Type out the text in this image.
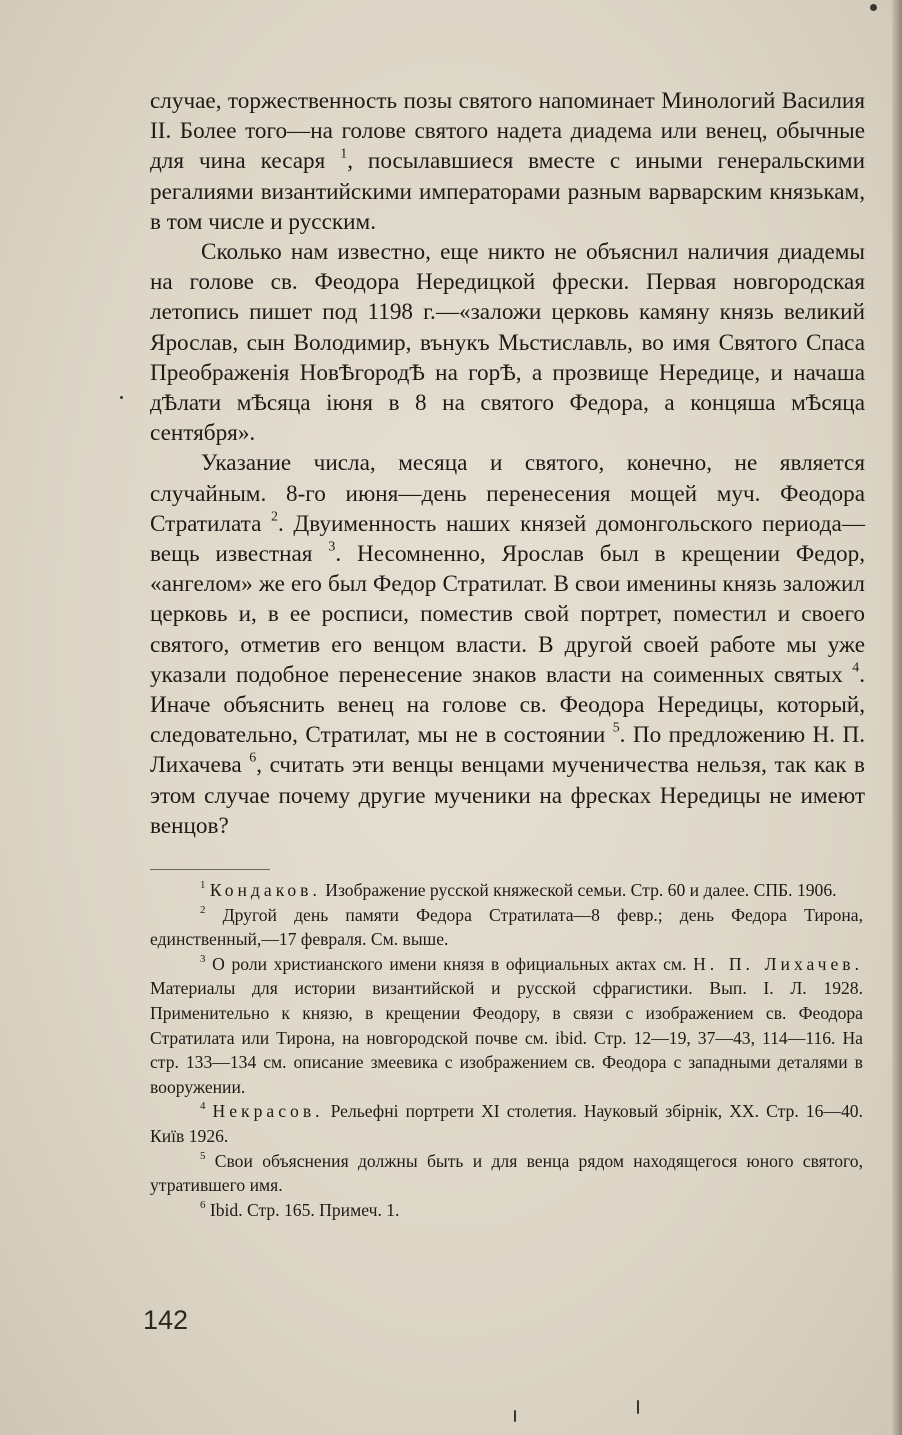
случае, торжественность позы святого напоминает Минологий Василия II. Более того—на голове святого надета диадема или венец, обычные для чина кесаря $^1$, посылавшиеся вместе с иными генеральскими регалиями византийскими императорами разным варварским князькам, в том числе и русским.

Сколько нам известно, еще никто не объяснил наличия диадемы на голове св. Феодора Нередицкой фрески. Первая новгородская летопись пишет под 1198 г.—«заложи церковь камяну князь великий Ярослав, сын Володимир, вънукъ Мьстиславль, во имя Святого Спаса Преображенія НовѢгородѢ на горѢ, а прозвище Нередице, и начаша дѢлати мѢсяца іюня в 8 на святого Федора, а концяша мѢсяца сентября».

Указание числа, месяца и святого, конечно, не является случайным. 8-го июня—день перенесения мощей муч. Феодора Стратилата $^2$. Двуименность наших князей домонгольского периода—вещь известная $^3$. Несомненно, Ярослав был в крещении Федор, «ангелом» же его был Федор Стратилат. В свои именины князь заложил церковь и, в ее росписи, поместив свой портрет, поместил и своего святого, отметив его венцом власти. В другой своей работе мы уже указали подобное перенесение знаков власти на соименных святых $^4$. Иначе объяснить венец на голове св. Феодора Нередицы, который, следовательно, Стратилат, мы не в состоянии $^5$. По предложению Н. П. Лихачева $^6$, считать эти венцы венцами мученичества нельзя, так как в этом случае почему другие мученики на фресках Нередицы не имеют венцов?

$^1$ Кондаков. Изображение русской княжеской семьи. Стр. 60 и далее. СПБ. 1906.

$^2$ Другой день памяти Федора Стратилата—8 февр.; день Федора Тирона, единственный,—17 февраля. См. выше.

$^3$ О роли христианского имени князя в официальных актах см. Н. П. Лихачев. Материалы для истории византийской и русской сфрагистики. Вып. I. Л. 1928. Применительно к князю, в крещении Феодору, в связи с изображением св. Феодора Стратилата или Тирона, на новгородской почве см. ibid. Стр. 12—19, 37—43, 114—116. На стр. 133—134 см. описание змеевика с изображением св. Феодора с западными деталями в вооружении.

$^4$ Некрасов. Рельефні портрети XI столетия. Науковый збірнік, XX. Стр. 16—40. Київ 1926.

$^5$ Свои объяснения должны быть и для венца рядом находящегося юного святого, утратившего имя.

$^6$ Ibid. Стр. 165. Примеч. 1.

142
